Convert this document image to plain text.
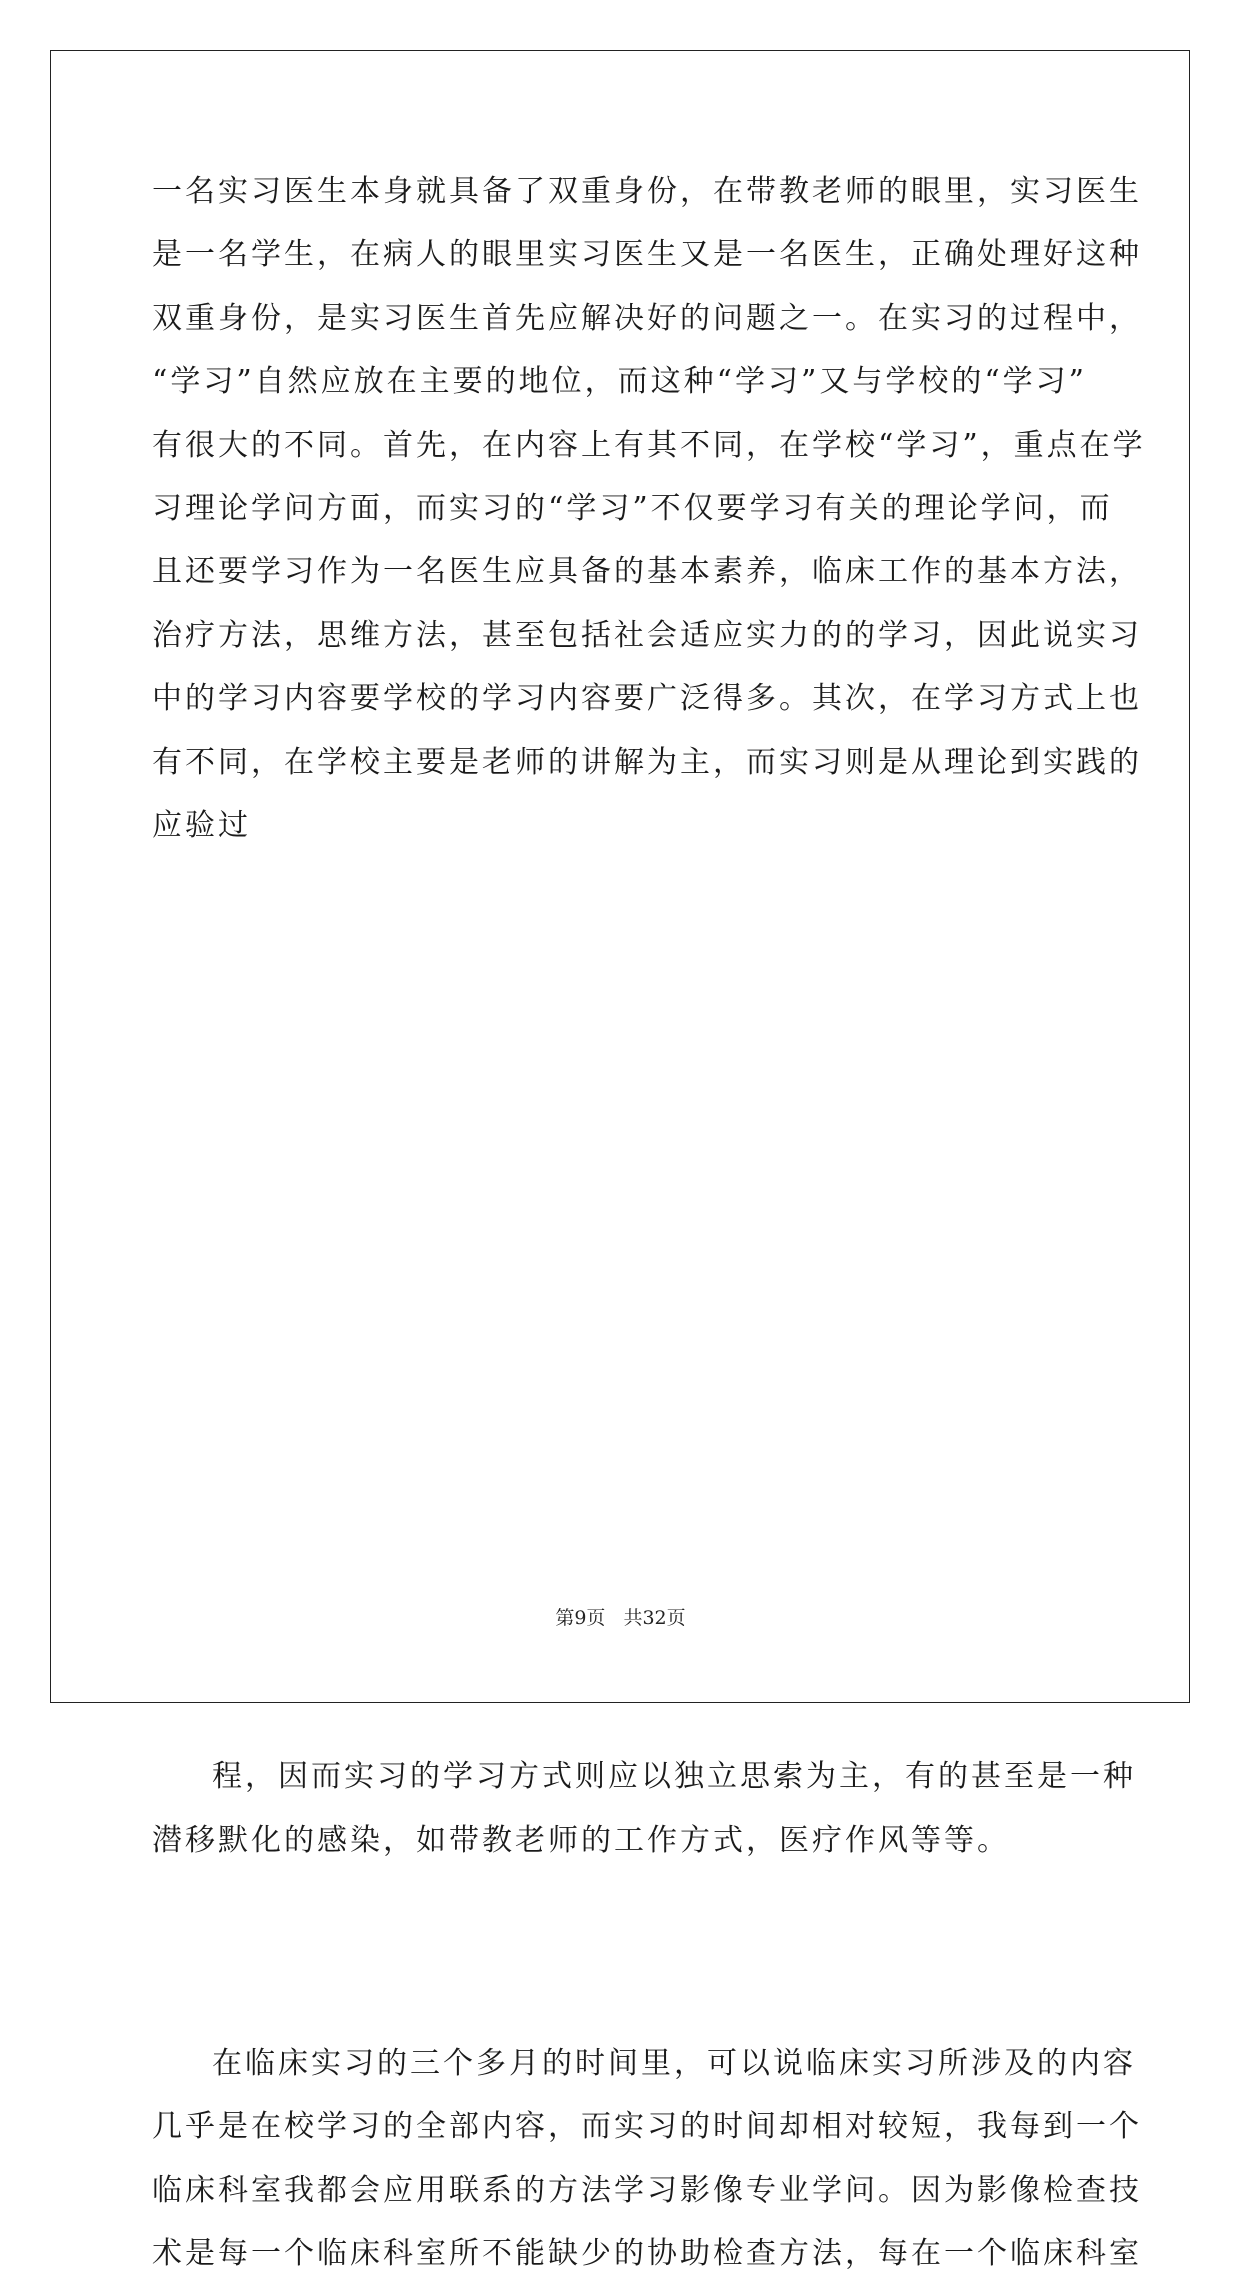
一名实习医生本身就具备了双重身份，在带教老师的眼里，实习医生
是一名学生，在病人的眼里实习医生又是一名医生，正确处理好这种
双重身份，是实习医生首先应解决好的问题之一。在实习的过程中，
“学习”自然应放在主要的地位，而这种“学习”又与学校的“学习”
有很大的不同。首先，在内容上有其不同，在学校“学习”，重点在学
习理论学问方面，而实习的“学习”不仅要学习有关的理论学问，而
且还要学习作为一名医生应具备的基本素养，临床工作的基本方法，
治疗方法，思维方法，甚至包括社会适应实力的的学习，因此说实习
中的学习内容要学校的学习内容要广泛得多。其次，在学习方式上也
有不同，在学校主要是老师的讲解为主，而实习则是从理论到实践的
应验过
程，因而实习的学习方式则应以独立思索为主，有的甚至是一种
潜移默化的感染，如带教老师的工作方式，医疗作风等等。
在临床实习的三个多月的时间里，可以说临床实习所涉及的内容
几乎是在校学习的全部内容，而实习的时间却相对较短，我每到一个
临床科室我都会应用联系的方法学习影像专业学问。因为影像检查技
术是每一个临床科室所不能缺少的协助检查方法，每在一个临床科室
第9页 共32页
